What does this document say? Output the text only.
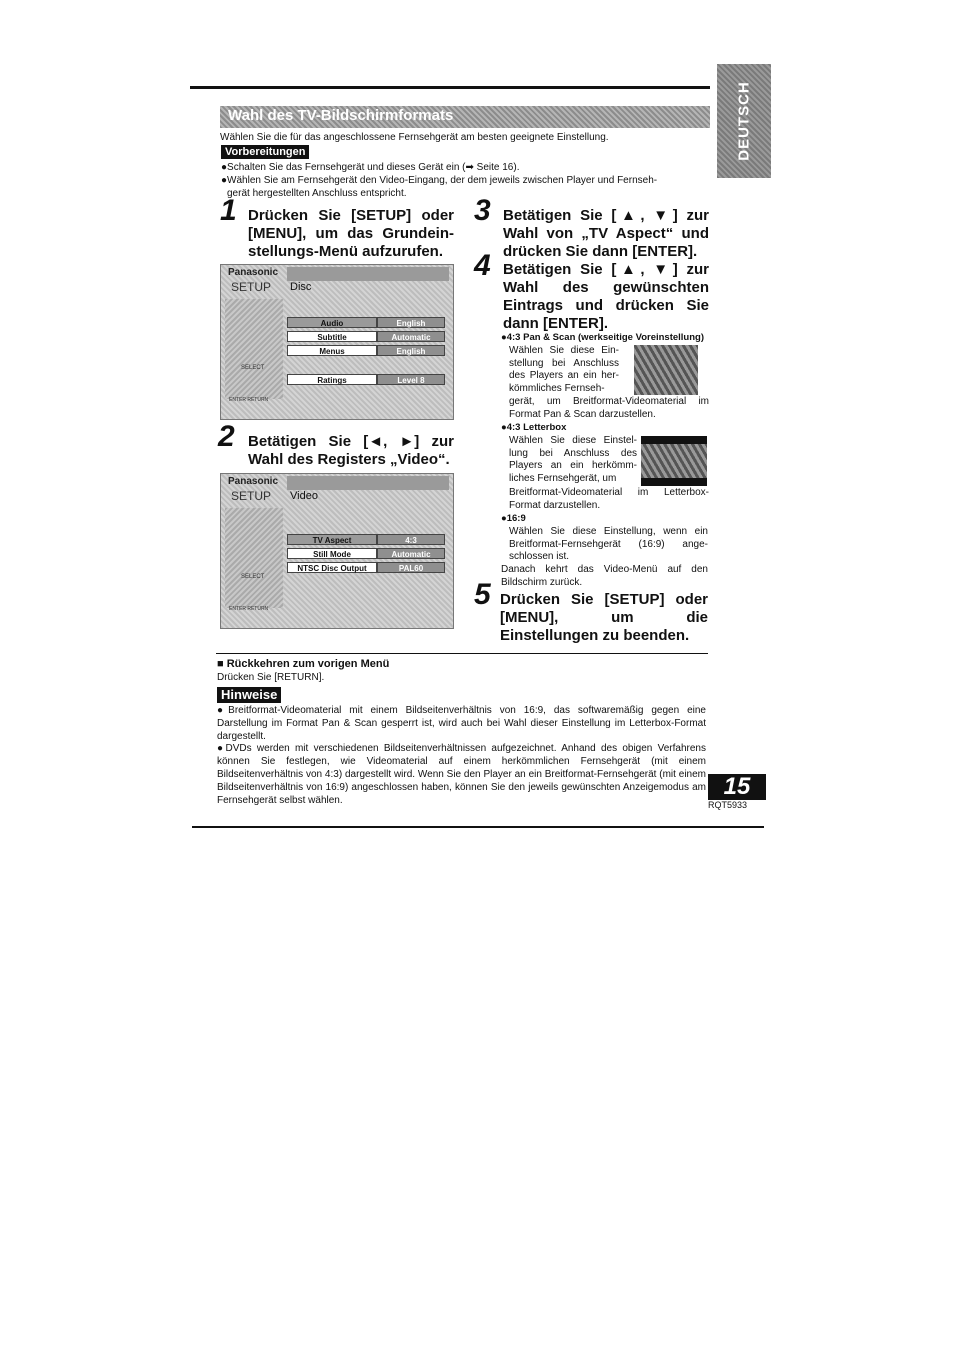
DEUTSCH
Wahl des TV-Bildschirmformats
Wählen Sie die für das angeschlossene Fernsehgerät am besten geeignete Einstellung.
Vorbereitungen
●Schalten Sie das Fernsehgerät und dieses Gerät ein (➡ Seite 16).
●Wählen Sie am Fernsehgerät den Video-Eingang, der dem jeweils zwischen Player und Fernseh-
gerät hergestellten Anschluss entspricht.
1 Drücken Sie [SETUP] oder [MENU], um das Grundein-stellungs-Menü aufzurufen.
Panasonic
SETUP Disc
SELECT
ENTER RETURN
Audio	English
Subtitle	Automatic
Menus	English
Ratings	Level 8
2 Betätigen Sie [◄, ►] zur Wahl des Registers „Video“.
Panasonic
SETUP Video
SELECT
ENTER RETURN
TV Aspect	4:3
Still Mode	Automatic
NTSC Disc Output	PAL60
3 Betätigen Sie [▲, ▼] zur Wahl von „TV Aspect“ und drücken Sie dann [ENTER].
4 Betätigen Sie [▲, ▼] zur Wahl des gewünschten Eintrags und drücken Sie dann [ENTER].
●4:3 Pan & Scan (werkseitige Voreinstellung)
Wählen Sie diese Ein-stellung bei Anschluss des Players an ein her-kömmliches Fernseh-
gerät, um Breitformat-Videomaterial im Format Pan & Scan darzustellen.
●4:3 Letterbox
Wählen Sie diese Einstel-lung bei Anschluss des Players an ein herkömm-liches Fernsehgerät, um
Breitformat-Videomaterial im Letterbox-Format darzustellen.
●16:9
Wählen Sie diese Einstellung, wenn ein Breitformat-Fernsehgerät (16:9) ange-schlossen ist.
Danach kehrt das Video-Menü auf den Bildschirm zurück.
5 Drücken Sie [SETUP] oder [MENU], um die Einstellungen zu beenden.
■ Rückkehren zum vorigen Menü
Drücken Sie [RETURN].
Hinweise
●Breitformat-Videomaterial mit einem Bildseitenverhältnis von 16:9, das softwaremäßig gegen eine Darstellung im Format Pan & Scan gesperrt ist, wird auch bei Wahl dieser Einstellung im Letterbox-Format dargestellt.
●DVDs werden mit verschiedenen Bildseitenverhältnissen aufgezeichnet. Anhand des obigen Verfahrens können Sie festlegen, wie Videomaterial auf einem herkömmlichen Fernsehgerät (mit einem Bildseitenverhältnis von 4:3) dargestellt wird. Wenn Sie den Player an ein Breitformat-Fernsehgerät (mit einem Bildseitenverhältnis von 16:9) angeschlossen haben, können Sie den jeweils gewünschten Anzeigemodus am Fernsehgerät selbst wählen.
15
RQT5933
